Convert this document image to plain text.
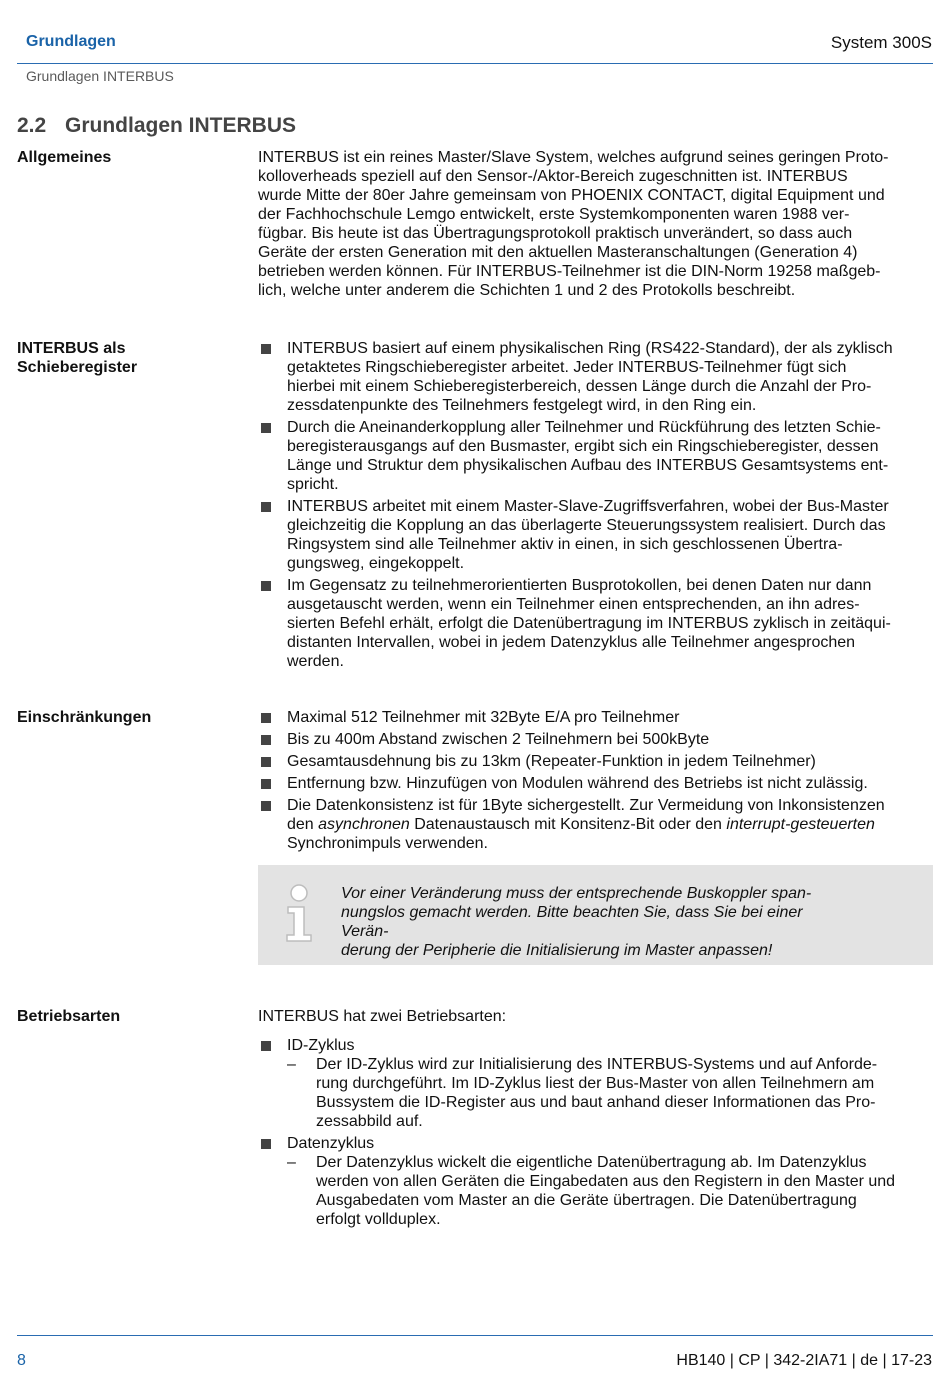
Grundlagen	System 300S
Grundlagen INTERBUS
2.2 Grundlagen INTERBUS
Allgemeines	INTERBUS ist ein reines Master/Slave System, welches aufgrund seines geringen Proto-
kolloverheads speziell auf den Sensor-/Aktor-Bereich zugeschnitten ist. INTERBUS
wurde Mitte der 80er Jahre gemeinsam von PHOENIX CONTACT, digital Equipment und
der Fachhochschule Lemgo entwickelt, erste Systemkomponenten waren 1988 ver-
fügbar. Bis heute ist das Übertragungsprotokoll praktisch unverändert, so dass auch
Geräte der ersten Generation mit den aktuellen Masteranschaltungen (Generation 4)
betrieben werden können. Für INTERBUS-Teilnehmer ist die DIN-Norm 19258 maßgeb-
lich, welche unter anderem die Schichten 1 und 2 des Protokolls beschreibt.
INTERBUS als
Schieberegister
INTERBUS basiert auf einem physikalischen Ring (RS422-Standard), der als zyklisch
getaktetes Ringschieberegister arbeitet. Jeder INTERBUS-Teilnehmer fügt sich
hierbei mit einem Schieberegisterbereich, dessen Länge durch die Anzahl der Pro-
zessdatenpunkte des Teilnehmers festgelegt wird, in den Ring ein.
Durch die Aneinanderkopplung aller Teilnehmer und Rückführung des letzten Schie-
beregisterausgangs auf den Busmaster, ergibt sich ein Ringschieberegister, dessen
Länge und Struktur dem physikalischen Aufbau des INTERBUS Gesamtsystems ent-
spricht.
INTERBUS arbeitet mit einem Master-Slave-Zugriffsverfahren, wobei der Bus-Master
gleichzeitig die Kopplung an das überlagerte Steuerungssystem realisiert. Durch das
Ringsystem sind alle Teilnehmer aktiv in einen, in sich geschlossenen Übertra-
gungsweg, eingekoppelt.
Im Gegensatz zu teilnehmerorientierten Busprotokollen, bei denen Daten nur dann
ausgetauscht werden, wenn ein Teilnehmer einen entsprechenden, an ihn adres-
sierten Befehl erhält, erfolgt die Datenübertragung im INTERBUS zyklisch in zeitäqui-
distanten Intervallen, wobei in jedem Datenzyklus alle Teilnehmer angesprochen
werden.
Einschränkungen	Maximal 512 Teilnehmer mit 32Byte E/A pro Teilnehmer
Bis zu 400m Abstand zwischen 2 Teilnehmern bei 500kByte
Gesamtausdehnung bis zu 13km (Repeater-Funktion in jedem Teilnehmer)
Entfernung bzw. Hinzufügen von Modulen während des Betriebs ist nicht zulässig.
Die Datenkonsistenz ist für 1Byte sichergestellt. Zur Vermeidung von Inkonsistenzen
den asynchronen Datenaustausch mit Konsitenz-Bit oder den interrupt-gesteuerten
Synchronimpuls verwenden.
Vor einer Veränderung muss der entsprechende Buskoppler span-
nungslos gemacht werden. Bitte beachten Sie, dass Sie bei einer Verän-
derung der Peripherie die Initialisierung im Master anpassen!
Betriebsarten	INTERBUS hat zwei Betriebsarten:
ID-Zyklus
– Der ID-Zyklus wird zur Initialisierung des INTERBUS-Systems und auf Anforde-
rung durchgeführt. Im ID-Zyklus liest der Bus-Master von allen Teilnehmern am
Bussystem die ID-Register aus und baut anhand dieser Informationen das Pro-
zessabbild auf.
Datenzyklus
– Der Datenzyklus wickelt die eigentliche Datenübertragung ab. Im Datenzyklus
werden von allen Geräten die Eingabedaten aus den Registern in den Master und
Ausgabedaten vom Master an die Geräte übertragen. Die Datenübertragung
erfolgt vollduplex.
8	HB140 | CP | 342-2IA71 | de | 17-23
